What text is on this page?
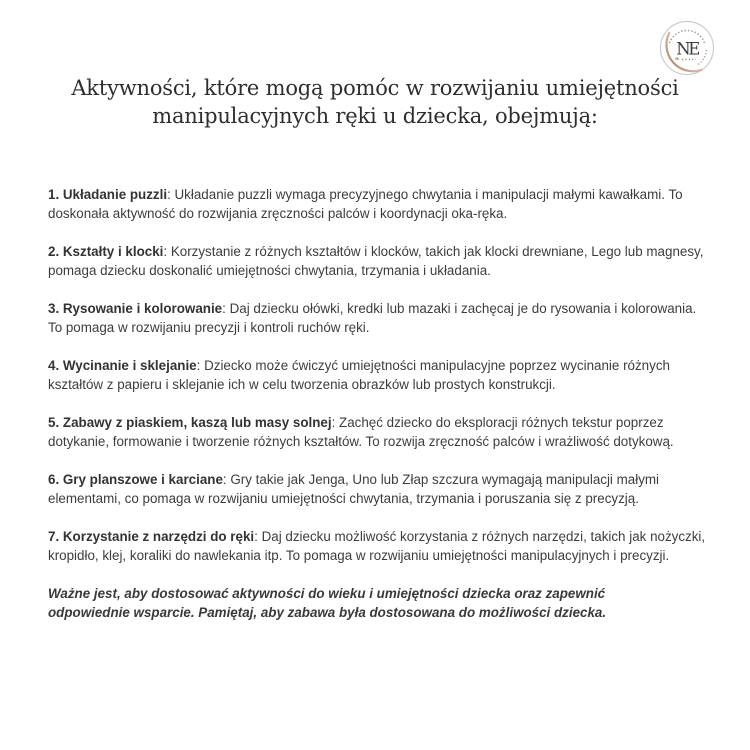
NE
❧
Aktywności, które mogą pomóc w rozwijaniu umiejętności manipulacyjnych ręki u dziecka, obejmują:

1. Układanie puzzli: Układanie puzzli wymaga precyzyjnego chwytania i manipulacji małymi kawałkami. To doskonała aktywność do rozwijania zręczności palców i koordynacji oka-ręka.

2. Kształty i klocki: Korzystanie z różnych kształtów i klocków, takich jak klocki drewniane, Lego lub magnesy, pomaga dziecku doskonalić umiejętności chwytania, trzymania i układania.

3. Rysowanie i kolorowanie: Daj dziecku ołówki, kredki lub mazaki i zachęcaj je do rysowania i kolorowania. To pomaga w rozwijaniu precyzji i kontroli ruchów ręki.

4. Wycinanie i sklejanie: Dziecko może ćwiczyć umiejętności manipulacyjne poprzez wycinanie różnych kształtów z papieru i sklejanie ich w celu tworzenia obrazków lub prostych konstrukcji.

5. Zabawy z piaskiem, kaszą lub masy solnej: Zachęć dziecko do eksploracji różnych tekstur poprzez dotykanie, formowanie i tworzenie różnych kształtów. To rozwija zręczność palców i wrażliwość dotykową.

6. Gry planszowe i karciane: Gry takie jak Jenga, Uno lub Złap szczura wymagają manipulacji małymi elementami, co pomaga w rozwijaniu umiejętności chwytania, trzymania i poruszania się z precyzją.

7. Korzystanie z narzędzi do ręki: Daj dziecku możliwość korzystania z różnych narzędzi, takich jak nożyczki, kropidło, klej, koraliki do nawlekania itp. To pomaga w rozwijaniu umiejętności manipulacyjnych i precyzji.

Ważne jest, aby dostosować aktywności do wieku i umiejętności dziecka oraz zapewnić

odpowiednie wsparcie. Pamiętaj, aby zabawa była dostosowana do możliwości dziecka.
